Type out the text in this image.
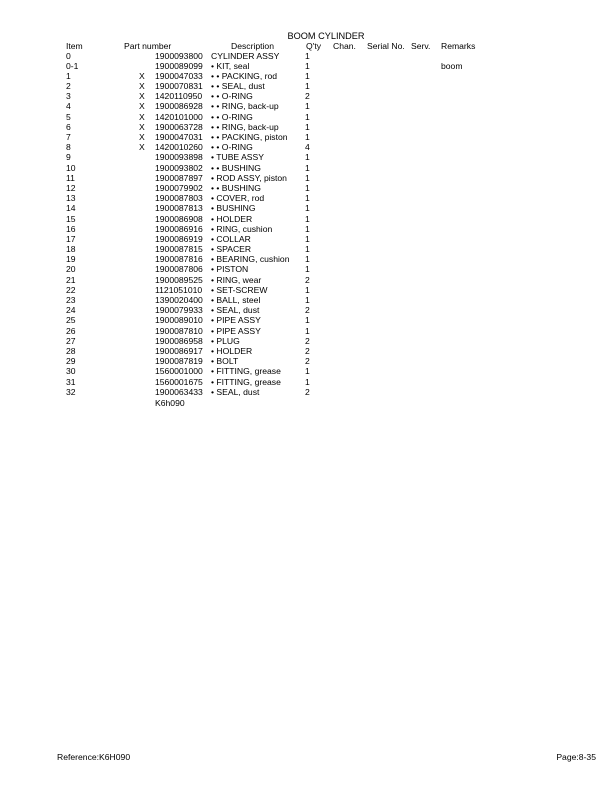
BOOM CYLINDER
Item	Part number	Description	Q'ty Chan. Serial No. Serv. Remarks
0	1900093800 CYLINDER ASSY	1
0-1	1900089099 • KIT, seal	1	boom
1	X 1900047033 • • PACKING, rod	1
2	X 1900070831 • • SEAL, dust	1
3	X 1420110950 • • O-RING	2
4	X 1900086928 • • RING, back-up	1
5	X 1420101000 • • O-RING	1
6	X 1900063728 • • RING, back-up	1
7	X 1900047031 • • PACKING, piston 1
8	X 1420010260 • • O-RING	4
9	1900093898 • TUBE ASSY	1
10	1900093802 • • BUSHING	1
11	1900087897 • ROD ASSY, piston 1
12	1900079902 • • BUSHING	1
13	1900087803 • COVER, rod	1
14	1900087813 • BUSHING	1
15	1900086908 • HOLDER	1
16	1900086916 • RING, cushion	1
17	1900086919 • COLLAR	1
18	1900087815 • SPACER	1
19	1900087816 • BEARING, cushion 1
20	1900087806 • PISTON	1
21	1900089525 • RING, wear	2
22	1121051010 • SET-SCREW	1
23	1390020400 • BALL, steel	1
24	1900079933 • SEAL, dust	2
25	1900089010 • PIPE ASSY	1
26	1900087810 • PIPE ASSY	1
27	1900086958 • PLUG	2
28	1900086917 • HOLDER	2
29	1900087819 • BOLT	2
30	1560001000 • FITTING, grease	1
31	1560001675 • FITTING, grease	1
32	1900063433 • SEAL, dust	2
K6h090
Reference:K6H090	Page:8-35
